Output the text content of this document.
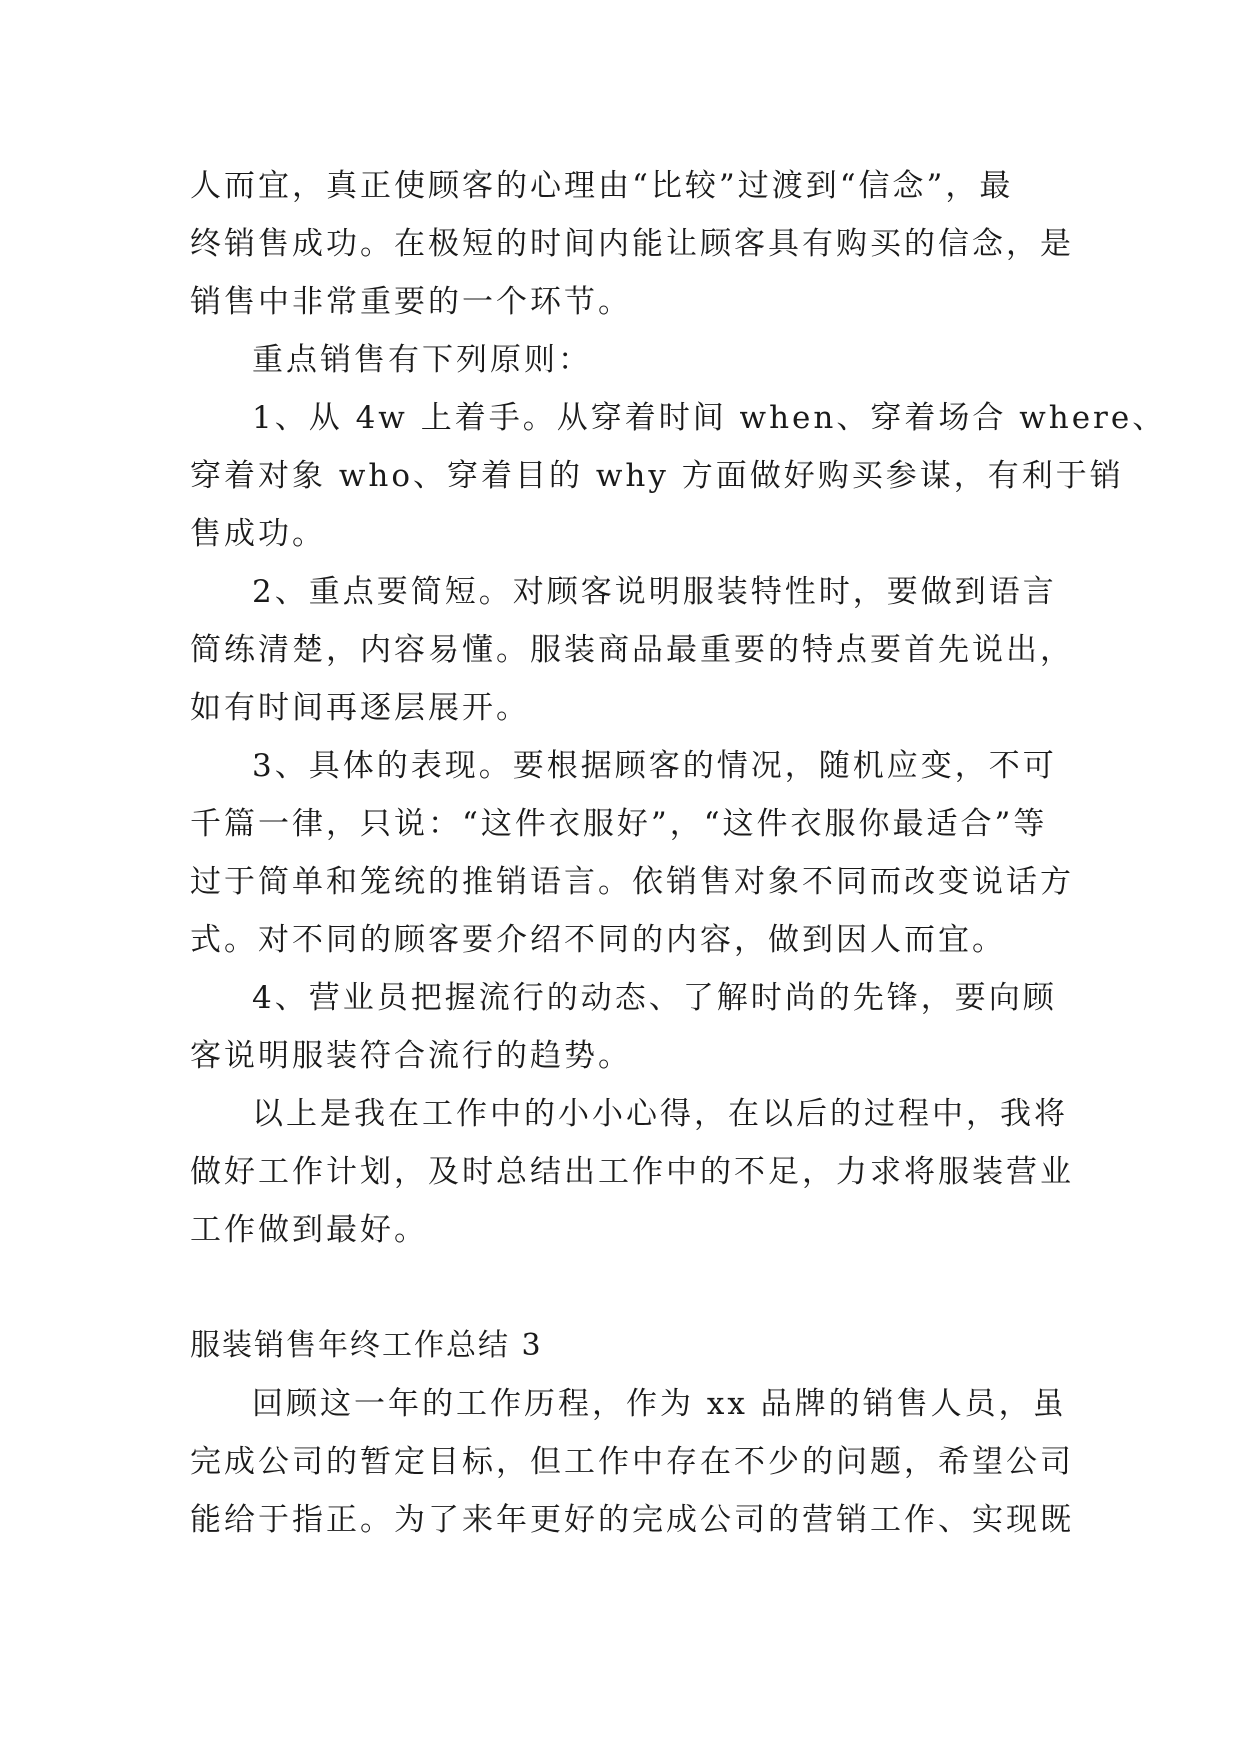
人而宜，真正使顾客的心理由“比较”过渡到“信念”，最

终销售成功。在极短的时间内能让顾客具有购买的信念，是

销售中非常重要的一个环节。

重点销售有下列原则：

1、从 4w 上着手。从穿着时间 when、穿着场合 where、

穿着对象 who、穿着目的 why 方面做好购买参谋，有利于销

售成功。

2、重点要简短。对顾客说明服装特性时，要做到语言

简练清楚，内容易懂。服装商品最重要的特点要首先说出，

如有时间再逐层展开。

3、具体的表现。要根据顾客的情况，随机应变，不可

千篇一律，只说：“这件衣服好”，“这件衣服你最适合”等

过于简单和笼统的推销语言。依销售对象不同而改变说话方

式。对不同的顾客要介绍不同的内容，做到因人而宜。

4、营业员把握流行的动态、了解时尚的先锋，要向顾

客说明服装符合流行的趋势。

以上是我在工作中的小小心得，在以后的过程中，我将

做好工作计划，及时总结出工作中的不足，力求将服装营业

工作做到最好。

服装销售年终工作总结 3

回顾这一年的工作历程，作为 xx 品牌的销售人员，虽

完成公司的暂定目标，但工作中存在不少的问题，希望公司

能给于指正。为了来年更好的完成公司的营销工作、实现既
